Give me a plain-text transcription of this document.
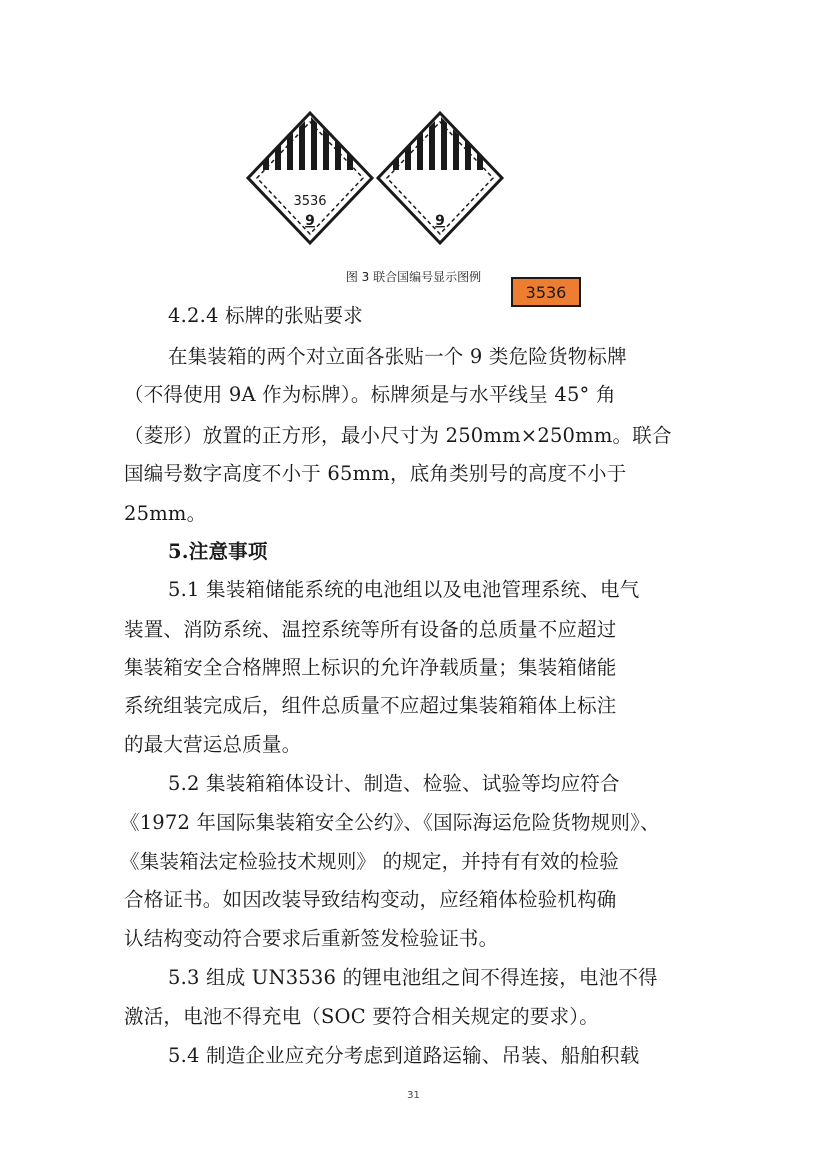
3536
9	9
3536
图 3 联合国编号显示图例
4.2.4 标牌的张贴要求
在集装箱的两个对立面各张贴一个 9 类危险货物标牌
（不得使用 9A 作为标牌）。标牌须是与水平线呈 45° 角
（菱形）放置的正方形，最小尺寸为 250mm×250mm。联合
国编号数字高度不小于 65mm，底角类别号的高度不小于
25mm。
5.注意事项
5.1 集装箱储能系统的电池组以及电池管理系统、电气
装置、消防系统、温控系统等所有设备的总质量不应超过
集装箱安全合格牌照上标识的允许净载质量；集装箱储能
系统组装完成后，组件总质量不应超过集装箱箱体上标注
的最大营运总质量。
5.2 集装箱箱体设计、制造、检验、试验等均应符合
《1972 年国际集装箱安全公约》、《国际海运危险货物规则》、
《集装箱法定检验技术规则》 的规定，并持有有效的检验
合格证书。如因改装导致结构变动，应经箱体检验机构确
认结构变动符合要求后重新签发检验证书。
5.3 组成 UN3536 的锂电池组之间不得连接，电池不得
激活，电池不得充电（SOC 要符合相关规定的要求）。
5.4 制造企业应充分考虑到道路运输、吊装、船舶积载
31
